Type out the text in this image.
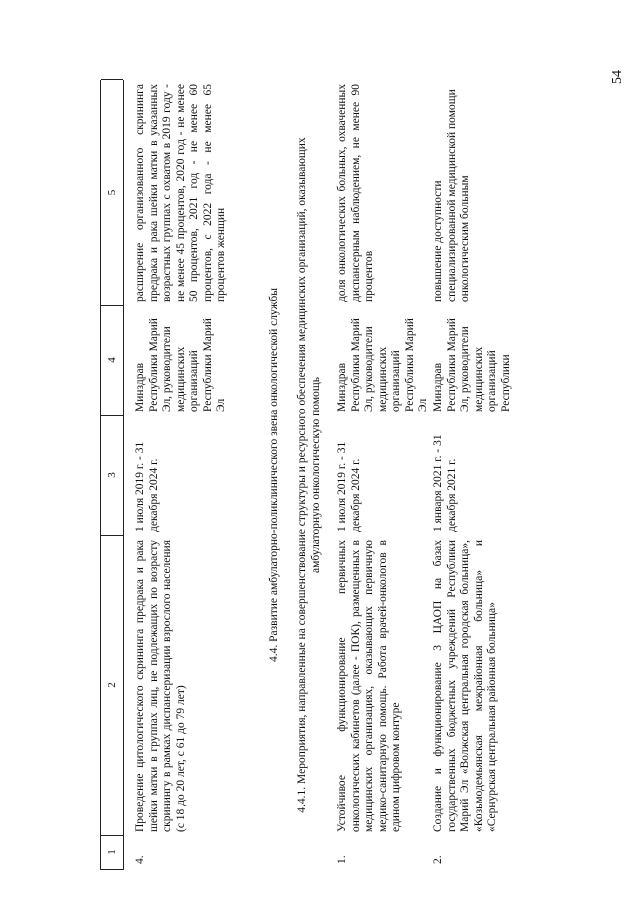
54
1
2
3
4
5
4.
Проведение цитологического скрининга предрака и рака шейки матки в группах лиц, не подлежащих по возрасту скринингу в рамках диспансеризации взрослого населения (с 18 до 20 лет, с 61 до 79 лет)
1 июля 2019 г. - 31 декабря 2024 г.
Минздрав Республики Марий Эл, руководители медицинских организаций Республики Марий Эл
расширение организованного скрининга предрака и рака шейки матки в указанных возрастных группах с охватом в 2019 году - не менее 45 процентов, 2020 год - не менее 50 процентов, 2021 год - не менее 60 процентов, с 2022 года - не менее 65 процентов женщин
4.4. Развитие амбулаторно-поликлинического звена онкологической службы 4.4.1. Мероприятия, направленные на совершенствование структуры и ресурсного обеспечения медицинских организаций, оказывающих амбулаторную онкологическую помощь
1.
Устойчивое функционирование первичных онкологических кабинетов (далее - ПОК), размещенных в медицинских организациях, оказывающих первичную медико-санитарную помощь. Работа врачей-онкологов в едином цифровом контуре
1 июля 2019 г. - 31 декабря 2024 г.
Минздрав Республики Марий Эл, руководители медицинских организаций Республики Марий Эл
доля онкологических больных, охваченных диспансерным наблюдением, не менее 90 процентов
2.
Создание и функционирование 3 ЦАОП на базах государственных бюджетных учреждений Республики Марий Эл «Волжская центральная городская больница», «Козьмодемьянская межрайонная больница» и «Сернурская центральная районная больница»
1 января 2021 г. - 31 декабря 2021 г.
Минздрав Республики Марий Эл, руководители медицинских организаций Республики
повышение доступности специализированной медицинской помощи онкологическим больным
